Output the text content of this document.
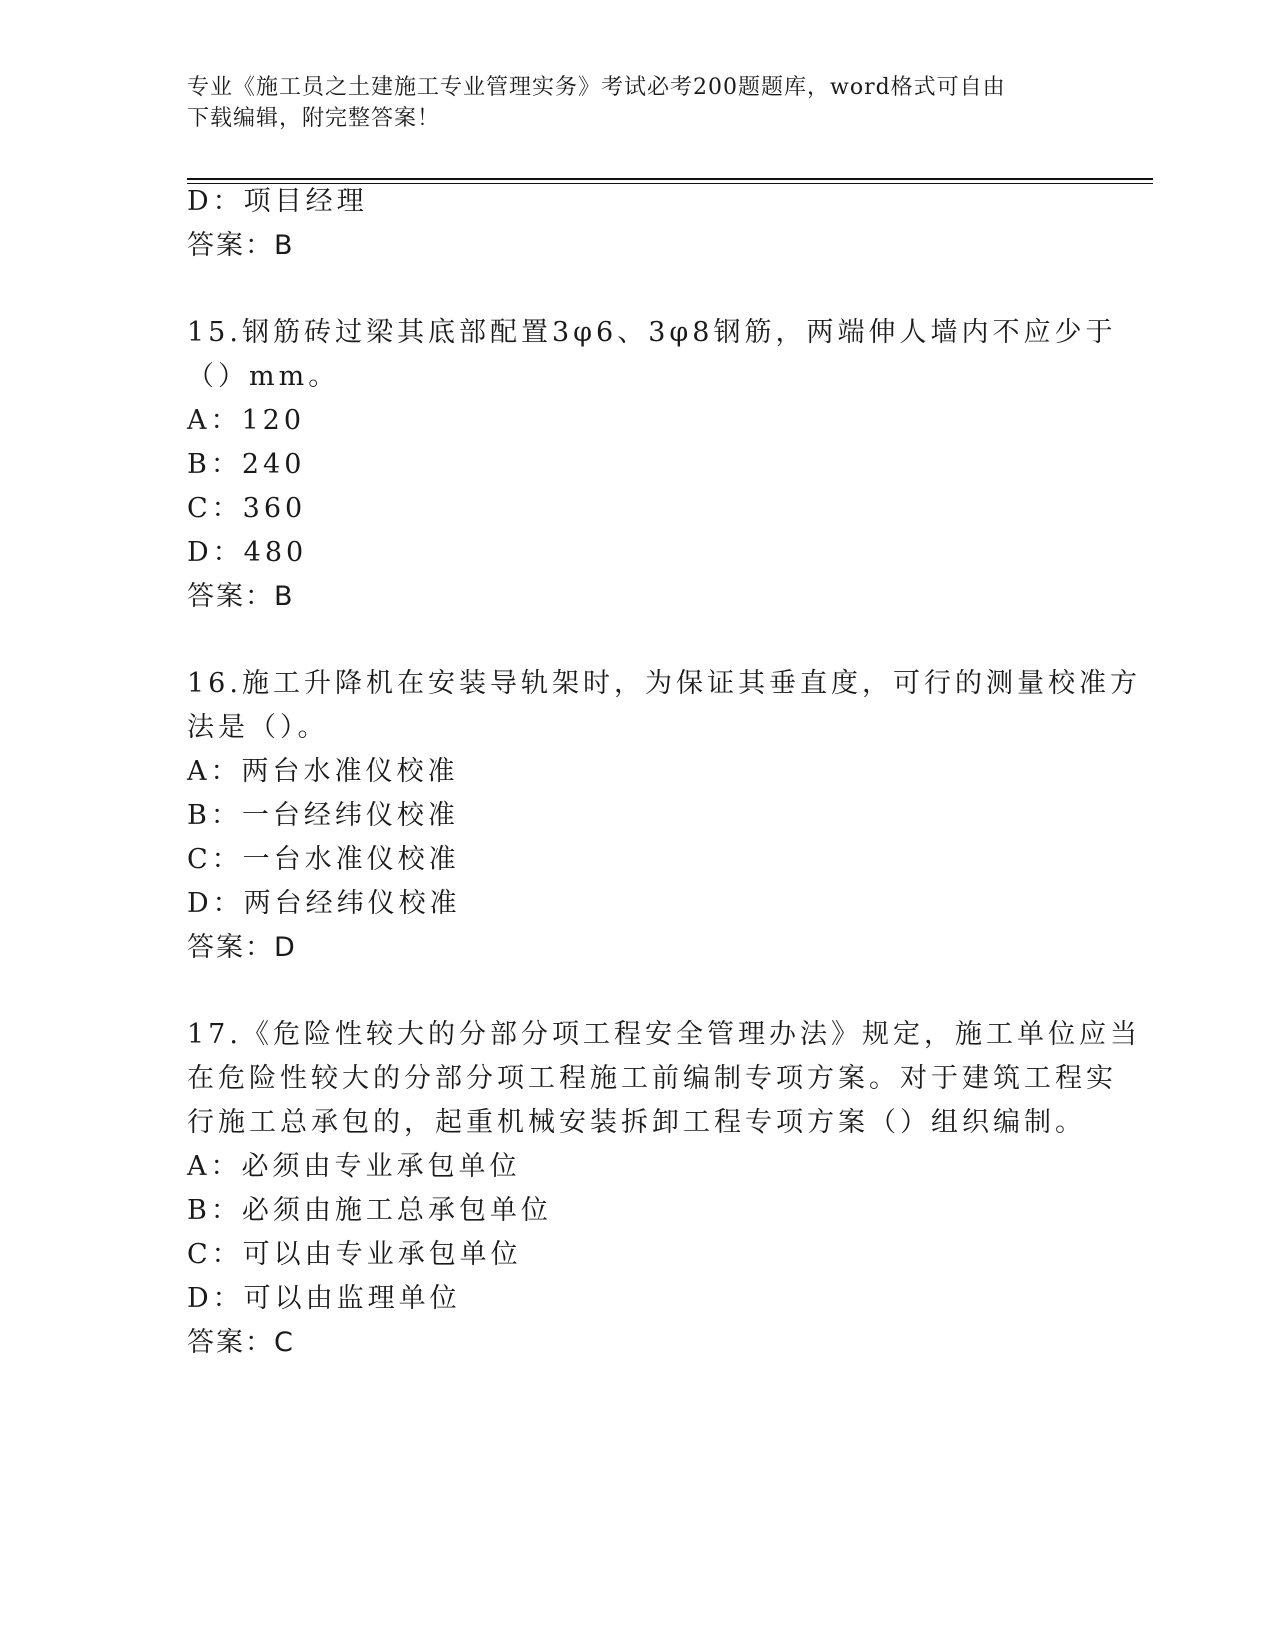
专业《施工员之土建施工专业管理实务》考试必考200题题库，word格式可自由
下载编辑，附完整答案！
D：项目经理
答案：B
15.钢筋砖过梁其底部配置3φ6、3φ8钢筋，两端伸人墙内不应少于
（）mm。
A：120
B：240
C：360
D：480
答案：B
16.施工升降机在安装导轨架时，为保证其垂直度，可行的测量校准方
法是（）。
A：两台水准仪校准
B：一台经纬仪校准
C：一台水准仪校准
D：两台经纬仪校准
答案：D
17.《危险性较大的分部分项工程安全管理办法》规定，施工单位应当
在危险性较大的分部分项工程施工前编制专项方案。对于建筑工程实
行施工总承包的，起重机械安装拆卸工程专项方案（）组织编制。
A：必须由专业承包单位
B：必须由施工总承包单位
C：可以由专业承包单位
D：可以由监理单位
答案：C
